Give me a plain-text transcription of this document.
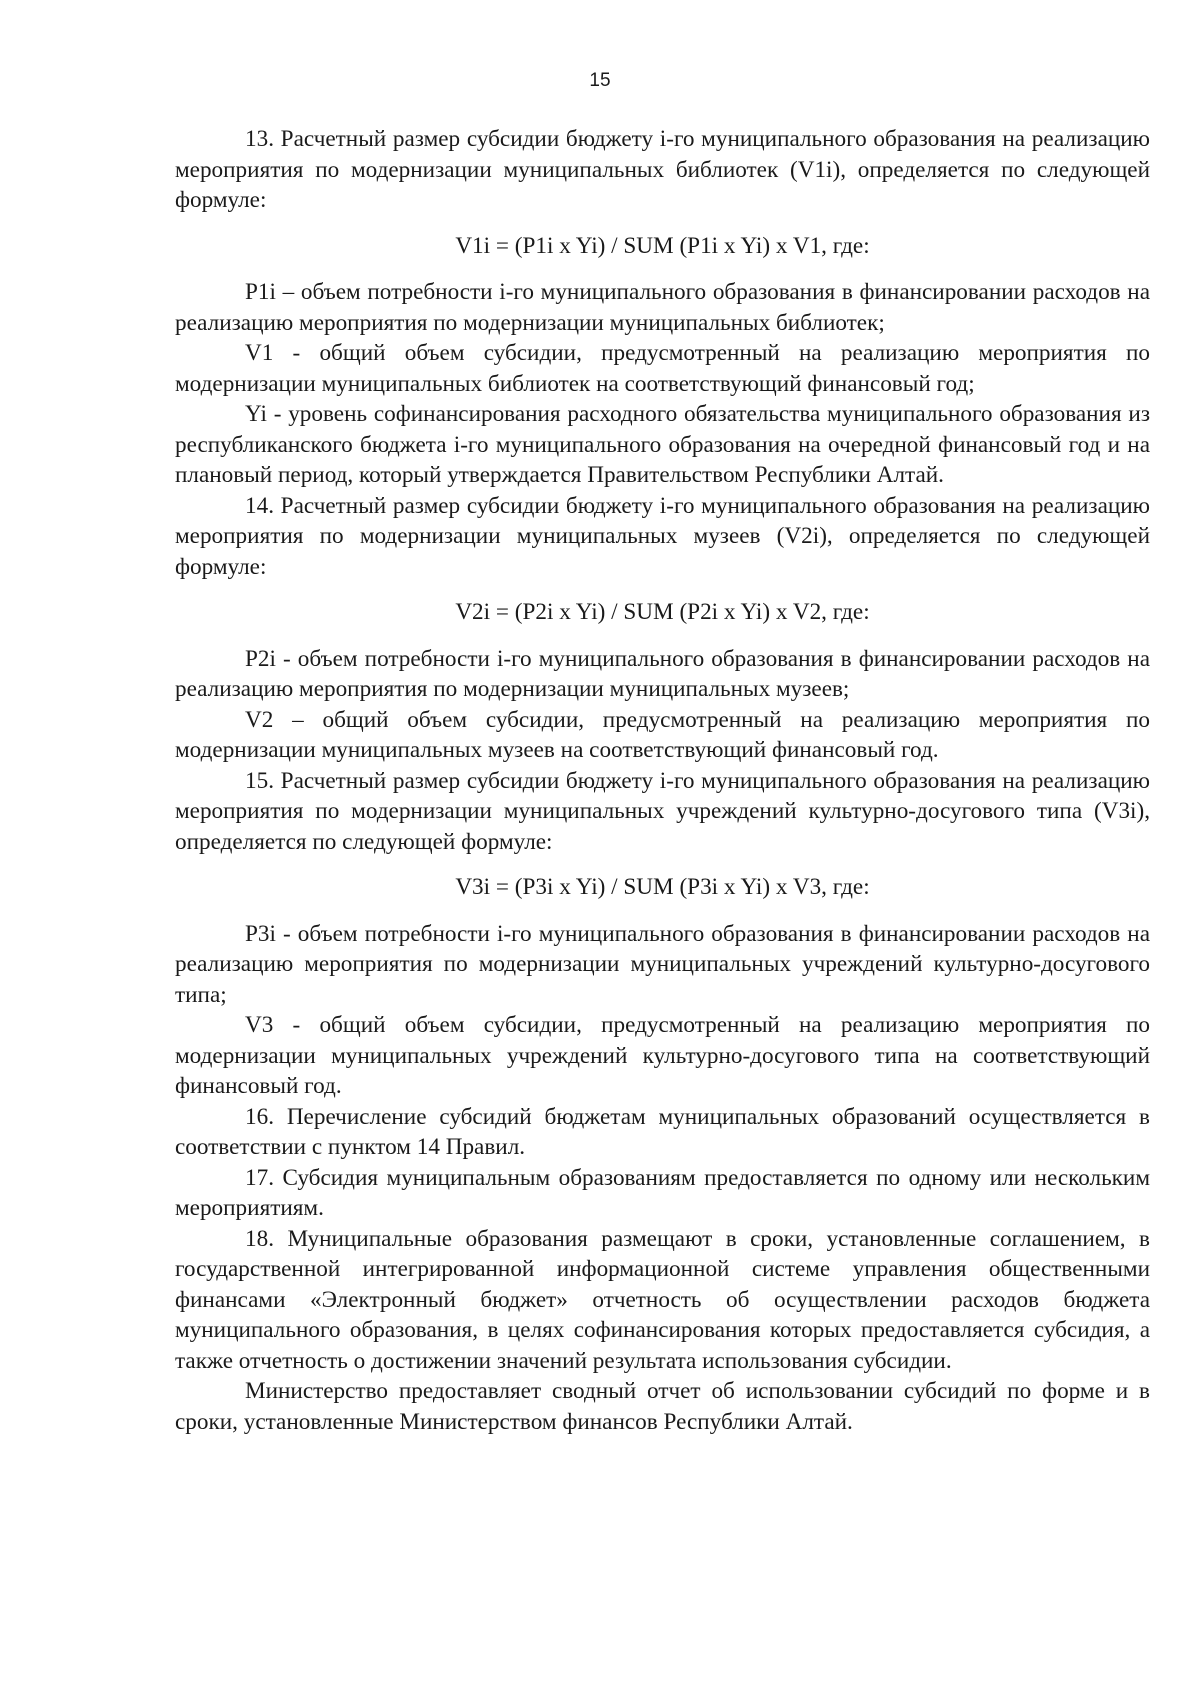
15

13. Расчетный размер субсидии бюджету i-го муниципального образования на реализацию мероприятия по модернизации муниципальных библиотек (V1i), определяется по следующей формуле:

V1i = (P1i x Yi) / SUM (P1i x Yi) x V1, где:

P1i – объем потребности i-го муниципального образования в финансировании расходов на реализацию мероприятия по модернизации муниципальных библиотек;

V1 - общий объем субсидии, предусмотренный на реализацию мероприятия по модернизации муниципальных библиотек на соответствующий финансовый год;

Yi - уровень софинансирования расходного обязательства муниципального образования из республиканского бюджета i-го муниципального образования на очередной финансовый год и на плановый период, который утверждается Правительством Республики Алтай.

14. Расчетный размер субсидии бюджету i-го муниципального образования на реализацию мероприятия по модернизации муниципальных музеев (V2i), определяется по следующей формуле:

V2i = (P2i x Yi) / SUM (P2i x Yi) x V2, где:

P2i - объем потребности i-го муниципального образования в финансировании расходов на реализацию мероприятия по модернизации муниципальных музеев;

V2 – общий объем субсидии, предусмотренный на реализацию мероприятия по модернизации муниципальных музеев на соответствующий финансовый год.

15. Расчетный размер субсидии бюджету i-го муниципального образования на реализацию мероприятия по модернизации муниципальных учреждений культурно-досугового типа (V3i), определяется по следующей формуле:

V3i = (P3i x Yi) / SUM (P3i x Yi) x V3, где:

P3i - объем потребности i-го муниципального образования в финансировании расходов на реализацию мероприятия по модернизации муниципальных учреждений культурно-досугового типа;

V3 - общий объем субсидии, предусмотренный на реализацию мероприятия по модернизации муниципальных учреждений культурно-досугового типа на соответствующий финансовый год.

16. Перечисление субсидий бюджетам муниципальных образований осуществляется в соответствии с пунктом 14 Правил.

17. Субсидия муниципальным образованиям предоставляется по одному или нескольким мероприятиям.

18. Муниципальные образования размещают в сроки, установленные соглашением, в государственной интегрированной информационной системе управления общественными финансами «Электронный бюджет» отчетность об осуществлении расходов бюджета муниципального образования, в целях софинансирования которых предоставляется субсидия, а также отчетность о достижении значений результата использования субсидии.

Министерство предоставляет сводный отчет об использовании субсидий по форме и в сроки, установленные Министерством финансов Республики Алтай.
